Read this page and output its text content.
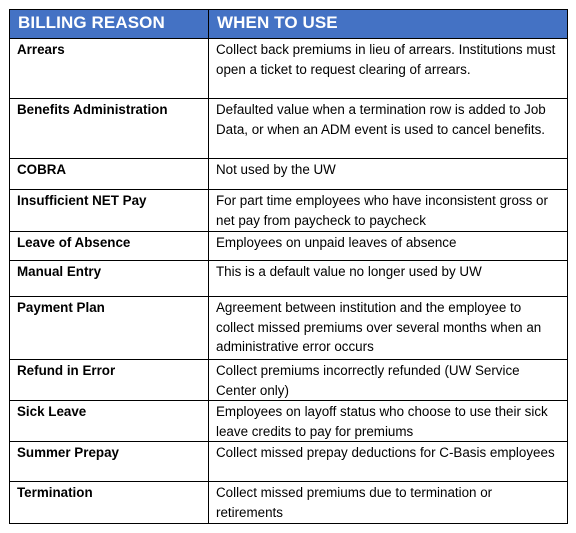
BILLING REASON	WHEN TO USE
Arrears	Collect back premiums in lieu of arrears. Institutions must open a ticket to request clearing of arrears.
Benefits Administration	Defaulted value when a termination row is added to Job Data, or when an ADM event is used to cancel benefits.
COBRA	Not used by the UW
Insufficient NET Pay	For part time employees who have inconsistent gross or net pay from paycheck to paycheck
Leave of Absence	Employees on unpaid leaves of absence
Manual Entry	This is a default value no longer used by UW
Payment Plan	Agreement between institution and the employee to collect missed premiums over several months when an administrative error occurs
Refund in Error	Collect premiums incorrectly refunded (UW Service Center only)
Sick Leave	Employees on layoff status who choose to use their sick leave credits to pay for premiums
Summer Prepay	Collect missed prepay deductions for C-Basis employees
Termination	Collect missed premiums due to termination or retirements
